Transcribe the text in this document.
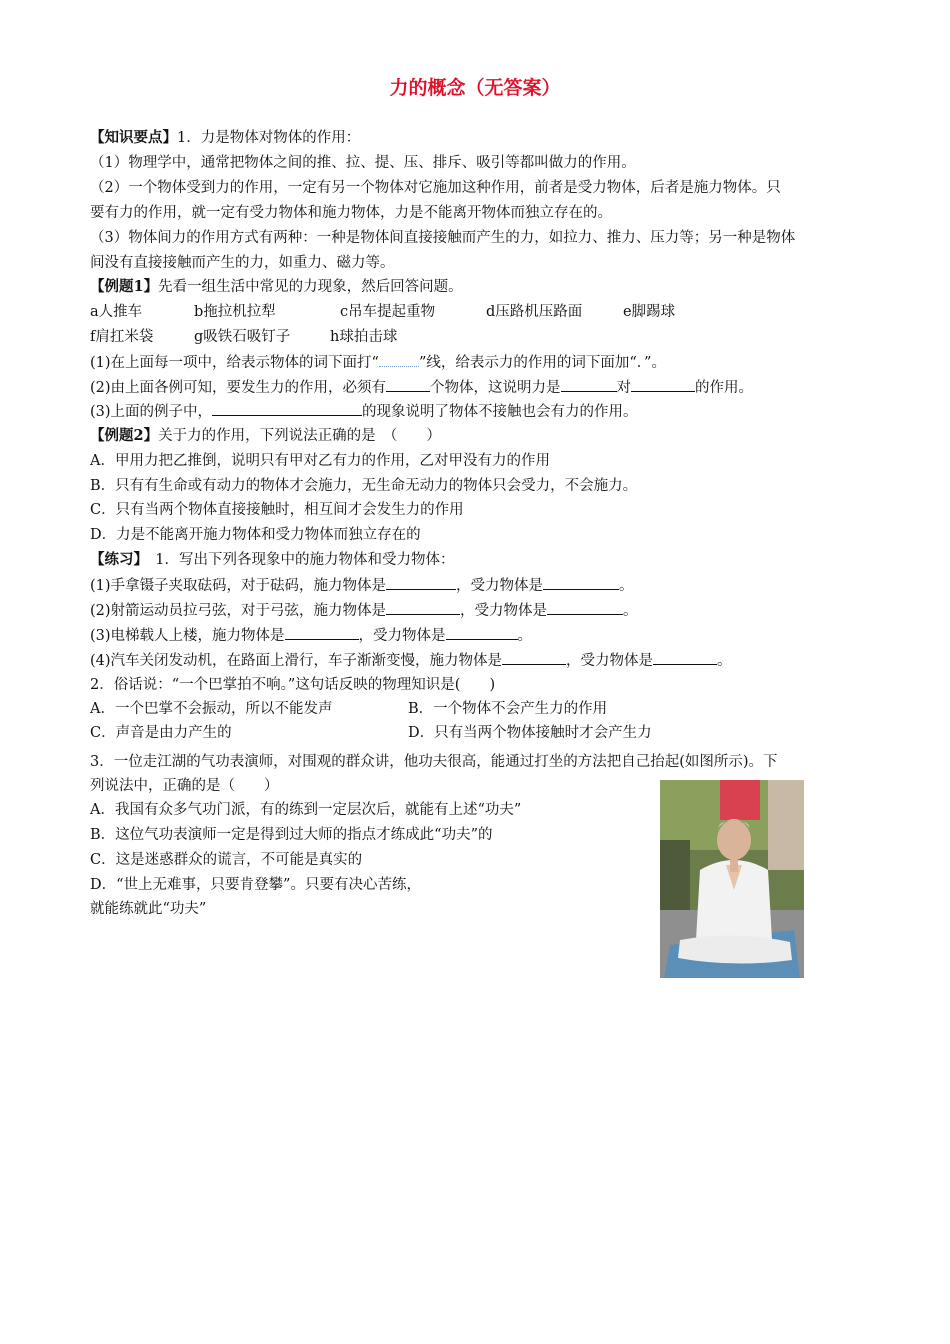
力的概念（无答案）
【知识要点】1．力是物体对物体的作用：
（1）物理学中，通常把物体之间的推、拉、提、压、排斥、吸引等都叫做力的作用。
（2）一个物体受到力的作用，一定有另一个物体对它施加这种作用，前者是受力物体，后者是施力物体。只
要有力的作用，就一定有受力物体和施力物体，力是不能离开物体而独立存在的。
（3）物体间力的作用方式有两种：一种是物体间直接接触而产生的力，如拉力、推力、压力等；另一种是物体
间没有直接接触而产生的力，如重力、磁力等。
【例题1】先看一组生活中常见的力现象，然后回答问题。
a人推车	b拖拉机拉犁	c吊车提起重物	d压路机压路面	e脚踢球
f肩扛米袋	g吸铁石吸钉子	h球拍击球
(1)在上面每一项中，给表示物体的词下面打“	”线，给表示力的作用的词下面加“．”。
(2)由上面各例可知，要发生力的作用，必须有	个物体，这说明力是	对	的作用。
(3)上面的例子中，	的现象说明了物体不接触也会有力的作用。
【例题2】关于力的作用，下列说法正确的是　（　　）
A．甲用力把乙推倒，说明只有甲对乙有力的作用，乙对甲没有力的作用
B．只有有生命或有动力的物体才会施力，无生命无动力的物体只会受力，不会施力。
C．只有当两个物体直接接触时，相互间才会发生力的作用
D．力是不能离开施力物体和受力物体而独立存在的
【练习】　 1．写出下列各现象中的施力物体和受力物体：
(1)手拿镊子夹取砝码，对于砝码，施力物体是	，受力物体是	。
(2)射箭运动员拉弓弦，对于弓弦，施力物体是	，受力物体是	。
(3)电梯载人上楼，施力物体是	，受力物体是	。
(4)汽车关闭发动机，在路面上滑行，车子渐渐变慢，施力物体是	，受力物体是	。
2．俗话说：“一个巴掌拍不响。”这句话反映的物理知识是(　　)
A．一个巴掌不会振动，所以不能发声	B．一个物体不会产生力的作用
C．声音是由力产生的	D．只有当两个物体接触时才会产生力
3．一位走江湖的气功表演师，对围观的群众讲，他功夫很高，能通过打坐的方法把自己抬起(如图所示)。下
列说法中，正确的是（　　）
A．我国有众多气功门派，有的练到一定层次后，就能有上述“功夫”
B．这位气功表演师一定是得到过大师的指点才练成此“功夫”的
C．这是迷惑群众的谎言，不可能是真实的
D．“世上无难事，只要肯登攀”。只要有决心苦练，
就能练就此“功夫”
